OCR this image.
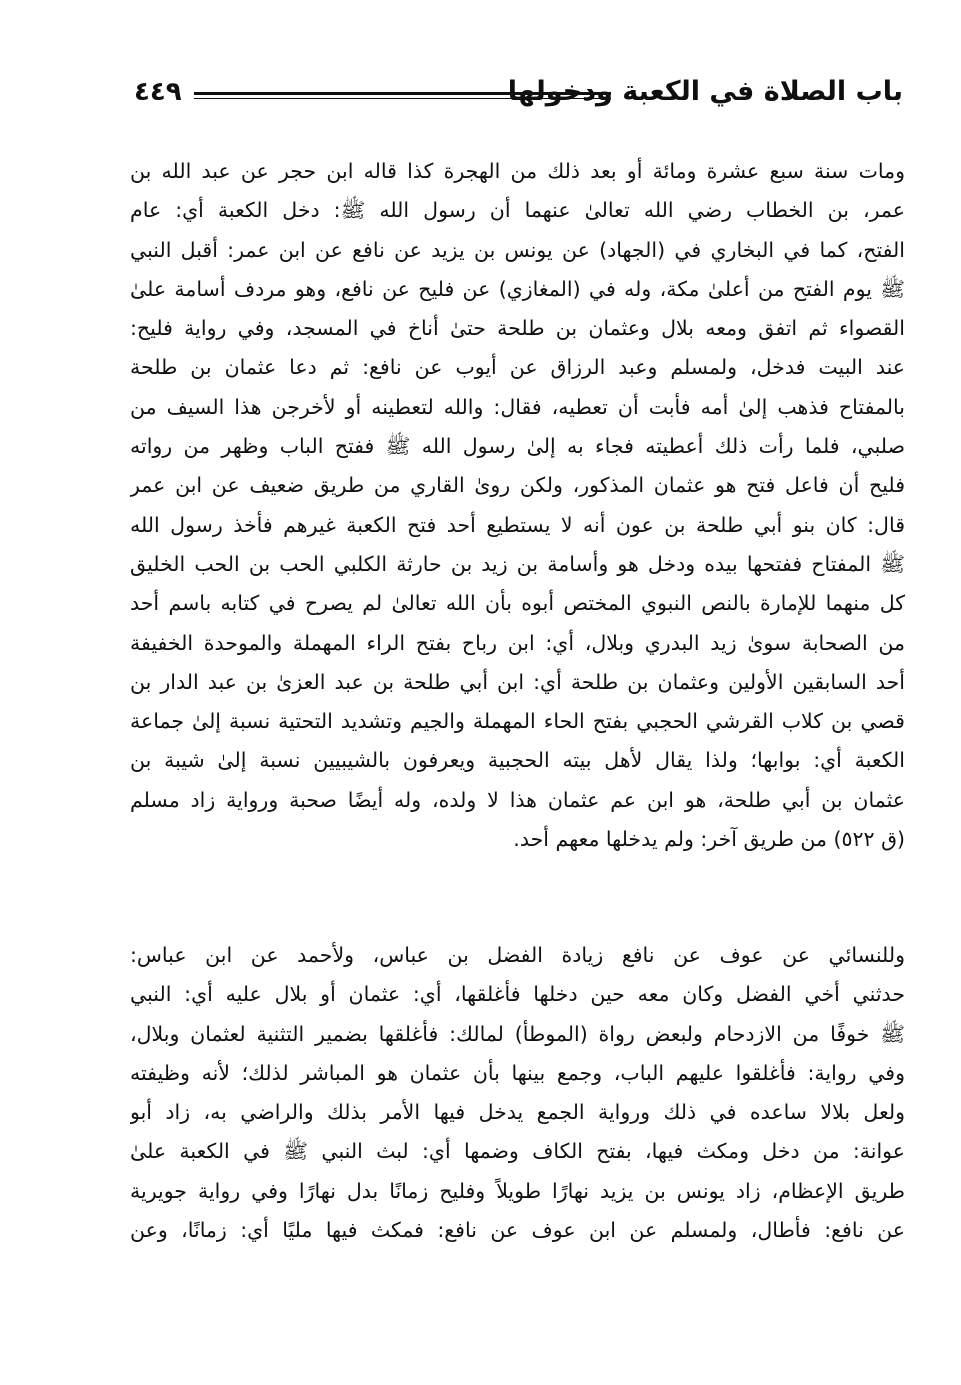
باب الصلاة في الكعبة ودخولها
٤٤٩
ومات سنة سبع عشرة ومائة أو بعد ذلك من الهجرة كذا قاله ابن حجر عن عبد الله بن
عمر، بن الخطاب رضي الله تعالىٰ عنهما أن رسول الله ﷺ: دخل الكعبة أي: عام
الفتح، كما في البخاري في (الجهاد) عن يونس بن يزيد عن نافع عن ابن عمر: أقبل النبي
ﷺ يوم الفتح من أعلىٰ مكة، وله في (المغازي) عن فليح عن نافع، وهو مردف أسامة علىٰ
القصواء ثم اتفق ومعه بلال وعثمان بن طلحة حتىٰ أناخ في المسجد، وفي رواية فليح:
عند البيت فدخل، ولمسلم وعبد الرزاق عن أيوب عن نافع: ثم دعا عثمان بن طلحة
بالمفتاح فذهب إلىٰ أمه فأبت أن تعطيه، فقال: والله لتعطينه أو لأخرجن هذا السيف من
صلبي، فلما رأت ذلك أعطيته فجاء به إلىٰ رسول الله ﷺ ففتح الباب وظهر من رواته
فليح أن فاعل فتح هو عثمان المذكور، ولكن روىٰ القاري من طريق ضعيف عن ابن عمر
قال: كان بنو أبي طلحة بن عون أنه لا يستطيع أحد فتح الكعبة غيرهم فأخذ رسول الله
ﷺ المفتاح ففتحها بيده ودخل هو وأسامة بن زيد بن حارثة الكلبي الحب بن الحب الخليق
كل منهما للإمارة بالنص النبوي المختص أبوه بأن الله تعالىٰ لم يصرح في كتابه باسم أحد
من الصحابة سوىٰ زيد البدري وبلال، أي: ابن رباح بفتح الراء المهملة والموحدة الخفيفة
أحد السابقين الأولين وعثمان بن طلحة أي: ابن أبي طلحة بن عبد العزىٰ بن عبد الدار بن
قصي بن كلاب القرشي الحجبي بفتح الحاء المهملة والجيم وتشديد التحتية نسبة إلىٰ جماعة
الكعبة أي: بوابها؛ ولذا يقال لأهل بيته الحجبية ويعرفون بالشيبيين نسبة إلىٰ شيبة بن
عثمان بن أبي طلحة، هو ابن عم عثمان هذا لا ولده، وله أيضًا صحبة ورواية زاد مسلم
(ق ٥٢٢) من طريق آخر: ولم يدخلها معهم أحد.
وللنسائي عن عوف عن نافع زيادة الفضل بن عباس، ولأحمد عن ابن عباس:
حدثني أخي الفضل وكان معه حين دخلها فأغلقها، أي: عثمان أو بلال عليه أي: النبي
ﷺ خوفًا من الازدحام ولبعض رواة (الموطأ) لمالك: فأغلقها بضمير التثنية لعثمان وبلال،
وفي رواية: فأغلقوا عليهم الباب، وجمع بينها بأن عثمان هو المباشر لذلك؛ لأنه وظيفته
ولعل بلالا ساعده في ذلك ورواية الجمع يدخل فيها الأمر بذلك والراضي به، زاد أبو
عوانة: من دخل ومكث فيها، بفتح الكاف وضمها أي: لبث النبي ﷺ في الكعبة علىٰ
طريق الإعظام، زاد يونس بن يزيد نهارًا طويلاً وفليح زمانًا بدل نهارًا وفي رواية جويرية
عن نافع: فأطال، ولمسلم عن ابن عوف عن نافع: فمكث فيها مليًا أي: زمانًا، وعن
